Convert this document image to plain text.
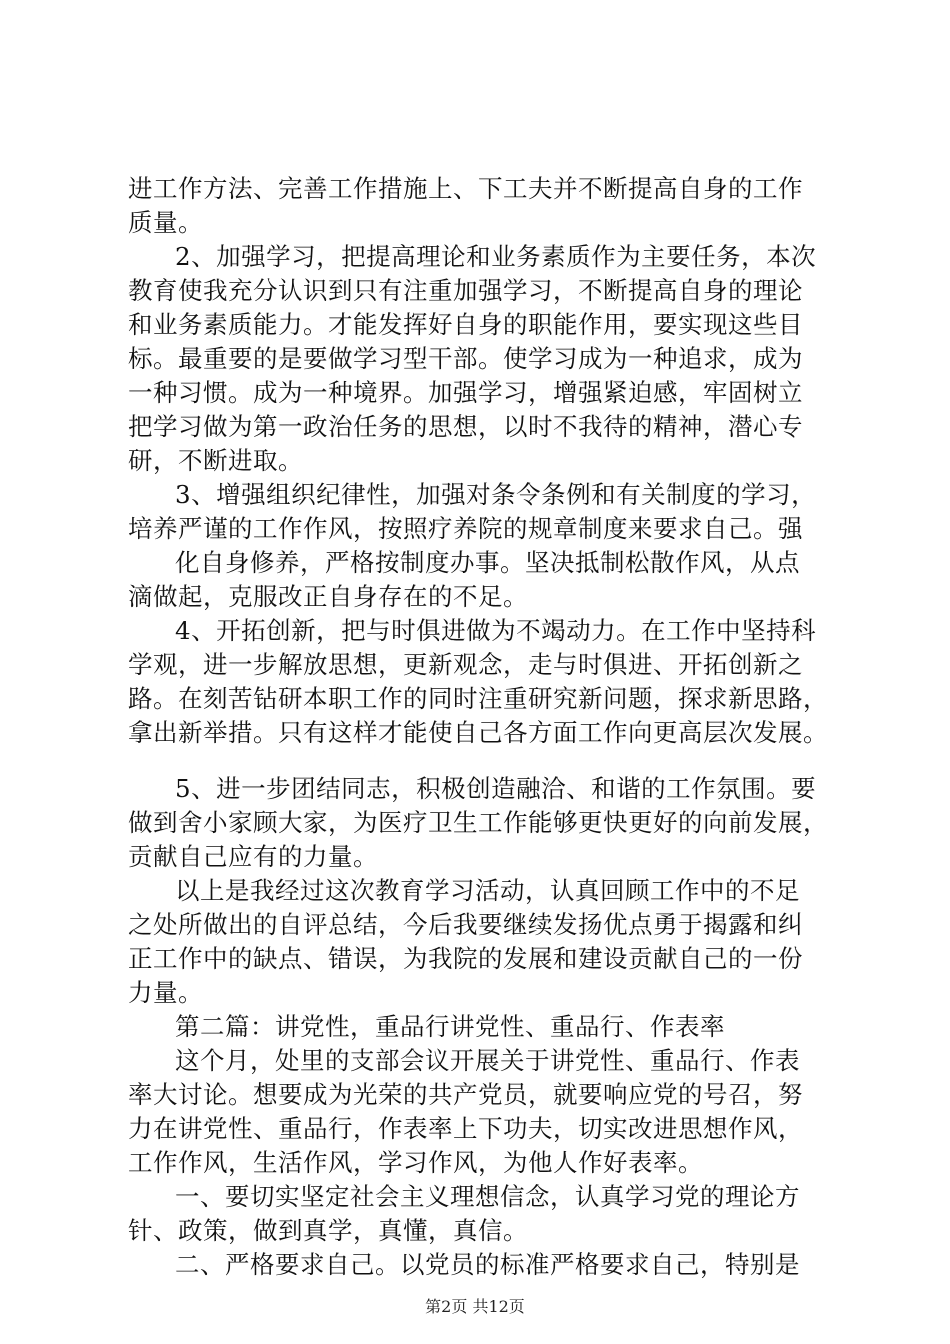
进工作方法、完善工作措施上、下工夫并不断提高自身的工作
质量。
2、加强学习，把提高理论和业务素质作为主要任务，本次
教育使我充分认识到只有注重加强学习，不断提高自身的理论
和业务素质能力。才能发挥好自身的职能作用，要实现这些目
标。最重要的是要做学习型干部。使学习成为一种追求，成为
一种习惯。成为一种境界。加强学习，增强紧迫感，牢固树立
把学习做为第一政治任务的思想，以时不我待的精神，潜心专
研，不断进取。
3、增强组织纪律性，加强对条令条例和有关制度的学习，
培养严谨的工作作风，按照疗养院的规章制度来要求自己。强
化自身修养，严格按制度办事。坚决抵制松散作风，从点
滴做起，克服改正自身存在的不足。
4、开拓创新，把与时俱进做为不竭动力。在工作中坚持科
学观，进一步解放思想，更新观念，走与时俱进、开拓创新之
路。在刻苦钻研本职工作的同时注重研究新问题，探求新思路，
拿出新举措。只有这样才能使自己各方面工作向更高层次发展。
5、进一步团结同志，积极创造融洽、和谐的工作氛围。要
做到舍小家顾大家，为医疗卫生工作能够更快更好的向前发展，
贡献自己应有的力量。
以上是我经过这次教育学习活动，认真回顾工作中的不足
之处所做出的自评总结，今后我要继续发扬优点勇于揭露和纠
正工作中的缺点、错误，为我院的发展和建设贡献自己的一份
力量。
第二篇：讲党性，重品行讲党性、重品行、作表率
这个月，处里的支部会议开展关于讲党性、重品行、作表
率大讨论。想要成为光荣的共产党员，就要响应党的号召，努
力在讲党性、重品行，作表率上下功夫，切实改进思想作风，
工作作风，生活作风，学习作风，为他人作好表率。
一、要切实坚定社会主义理想信念，认真学习党的理论方
针、政策，做到真学，真懂，真信。
二、严格要求自己。以党员的标准严格要求自己，特别是
第2页 共12页
